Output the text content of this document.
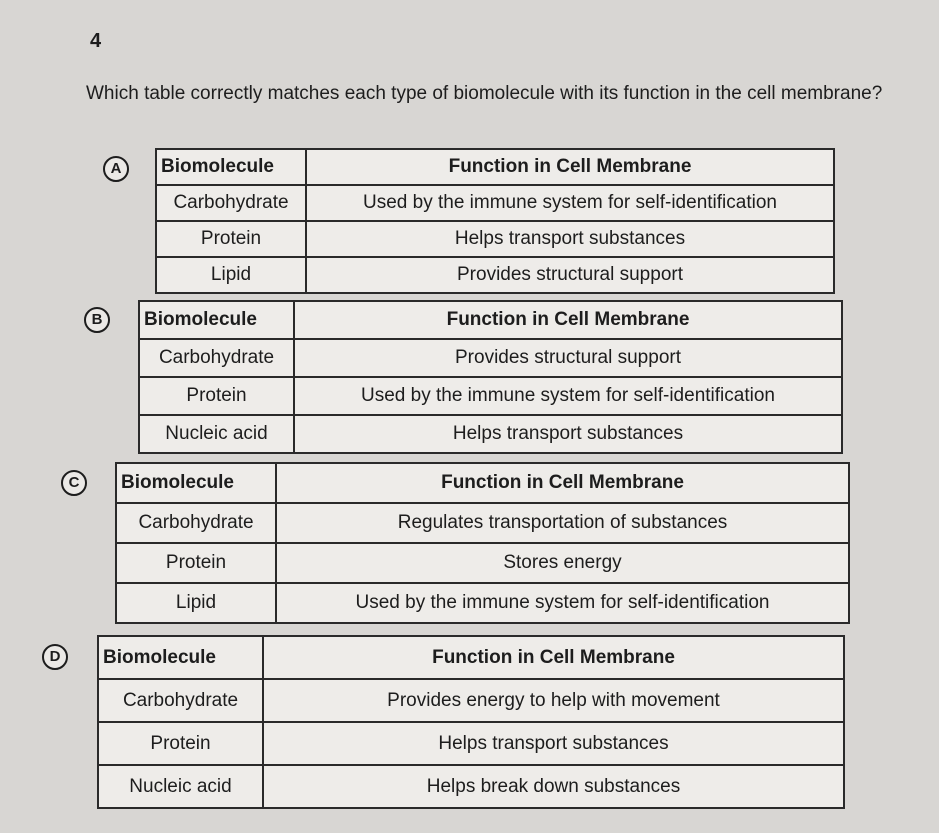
4
Which table correctly matches each type of biomolecule with its function in the cell membrane?
A	Biomolecule	Function in Cell Membrane
Carbohydrate	Used by the immune system for self-identification
Protein	Helps transport substances
Lipid	Provides structural support
B	Biomolecule	Function in Cell Membrane
Carbohydrate	Provides structural support
Protein	Used by the immune system for self-identification
Nucleic acid	Helps transport substances
C	Biomolecule	Function in Cell Membrane
Carbohydrate	Regulates transportation of substances
Protein	Stores energy
Lipid	Used by the immune system for self-identification
D	Biomolecule	Function in Cell Membrane
Carbohydrate	Provides energy to help with movement
Protein	Helps transport substances
Nucleic acid	Helps break down substances
